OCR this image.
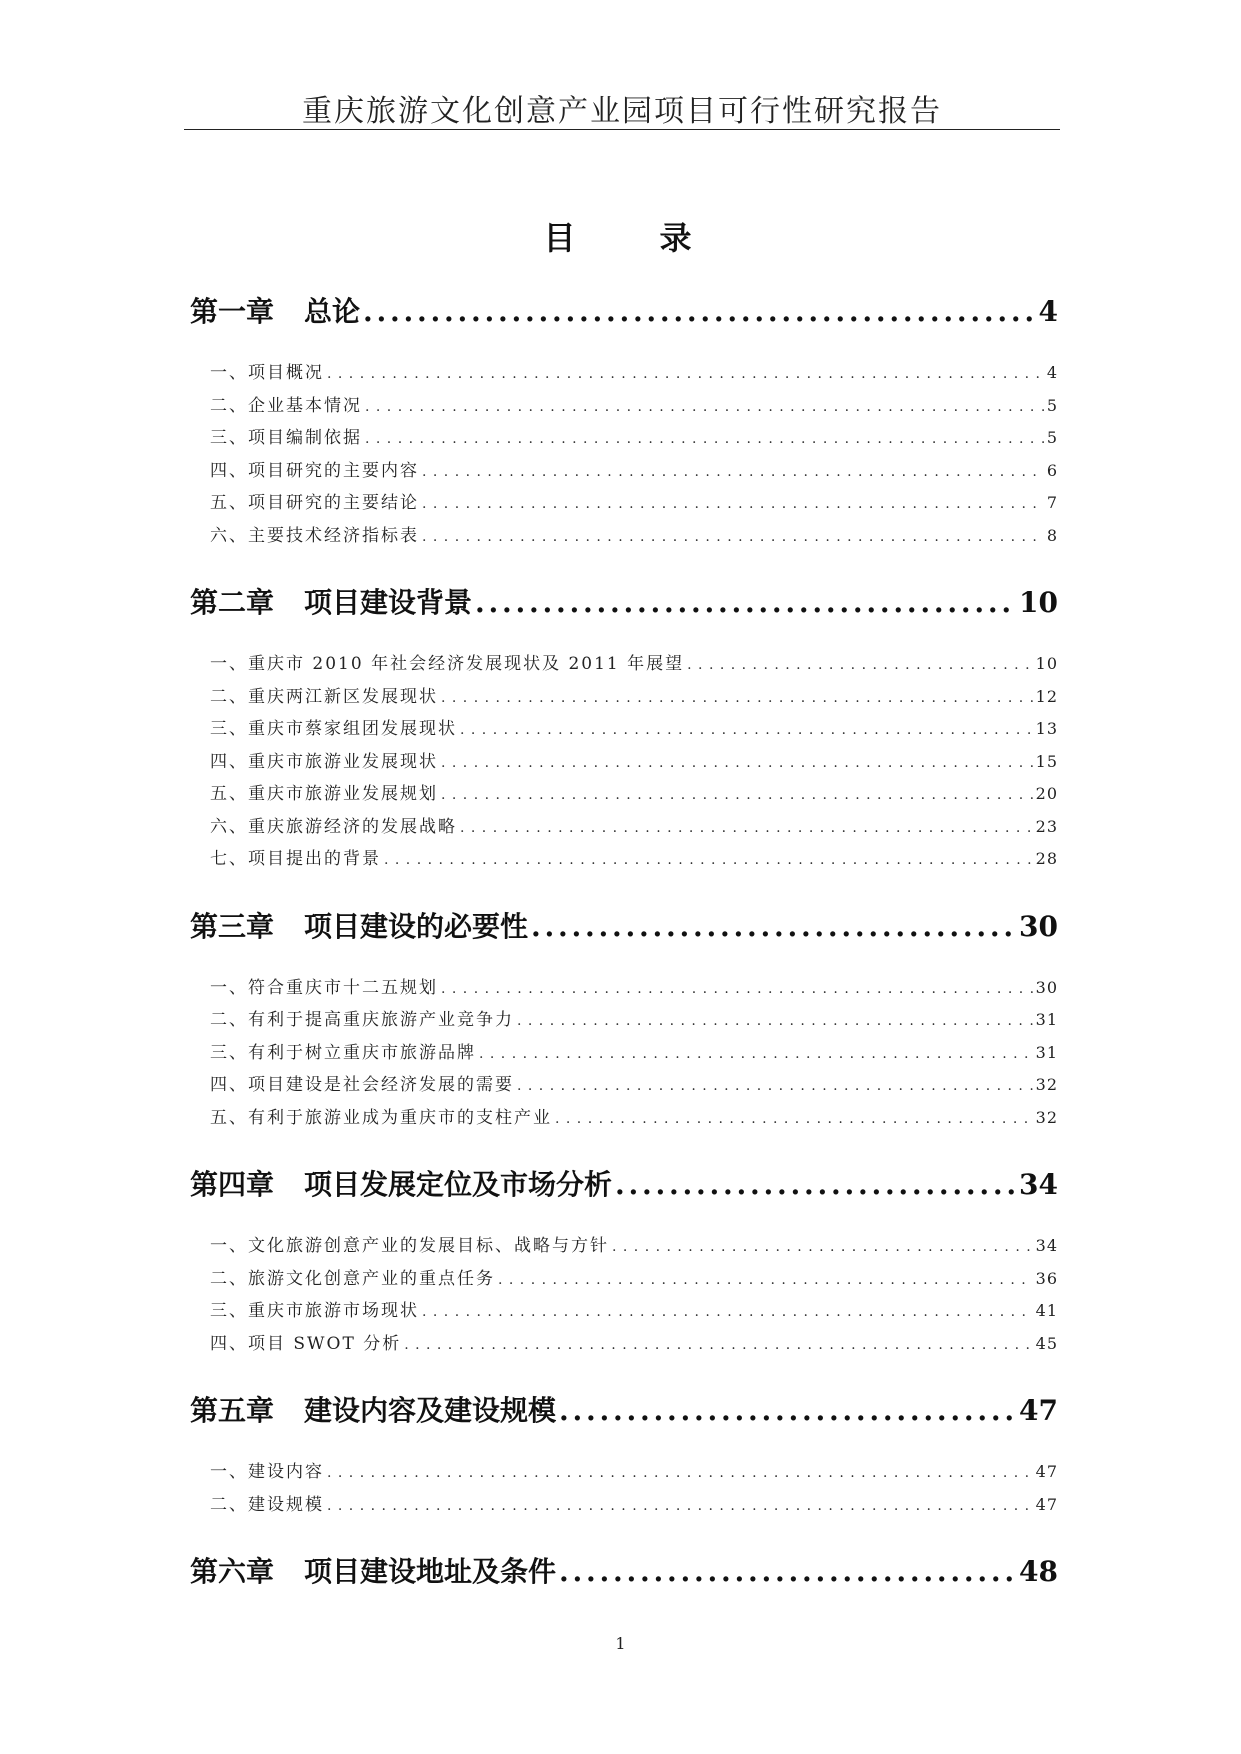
重庆旅游文化创意产业园项目可行性研究报告
目　录
第一章	总论 . . .	4
一、项目概况 . . .	4
二、企业基本情况 . . .	5
三、项目编制依据 . . .	5
四、项目研究的主要内容 . . .	6
五、项目研究的主要结论 . . .	7
六、主要技术经济指标表 . . .	8
第二章	项目建设背景 . . .	10
一、重庆市 2010 年社会经济发展现状及 2011 年展望 . . .	10
二、重庆两江新区发展现状 . . .	12
三、重庆市蔡家组团发展现状 . . .	13
四、重庆市旅游业发展现状 . . .	15
五、重庆市旅游业发展规划 . . .	20
六、重庆旅游经济的发展战略 . . .	23
七、项目提出的背景 . . .	28
第三章	项目建设的必要性 . . .	30
一、符合重庆市十二五规划 . . .	30
二、有利于提高重庆旅游产业竞争力 . . .	31
三、有利于树立重庆市旅游品牌 . . .	31
四、项目建设是社会经济发展的需要 . . .	32
五、有利于旅游业成为重庆市的支柱产业 . . .	32
第四章	项目发展定位及市场分析 . . .	34
一、文化旅游创意产业的发展目标、战略与方针 . . .	34
二、旅游文化创意产业的重点任务 . . .	36
三、重庆市旅游市场现状 . . .	41
四、项目 SWOT 分析 . . .	45
第五章	建设内容及建设规模 . . .	47
一、建设内容 . . .	47
二、建设规模 . . .	47
第六章	项目建设地址及条件 . . .	48
1
